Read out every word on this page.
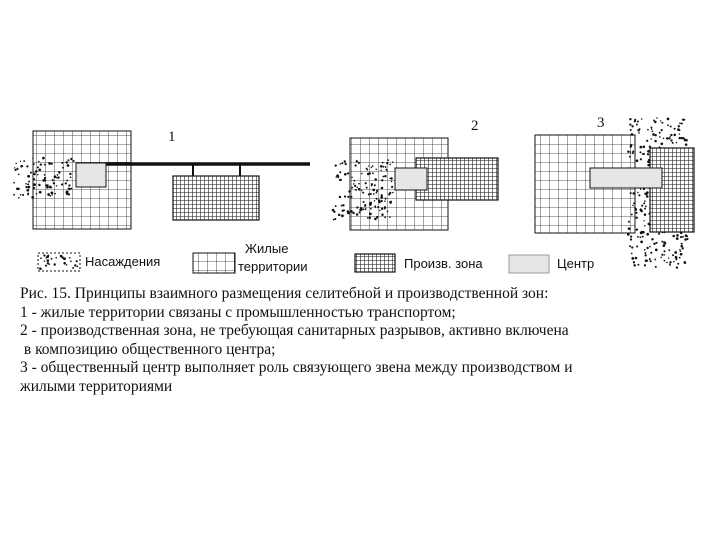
1
2	3
Насаждения
Жилые
территории	Произв. зона	Центр
Рис. 15. Принципы взаимного размещения селитебной и производственной зон:
1 - жилые территории связаны с промышленностью транспортом;
2 - производственная зона, не требующая санитарных разрывов, активно включена
в композицию общественного центра;
3 - общественный центр выполняет роль связующего звена между производством и
жилыми территориями
